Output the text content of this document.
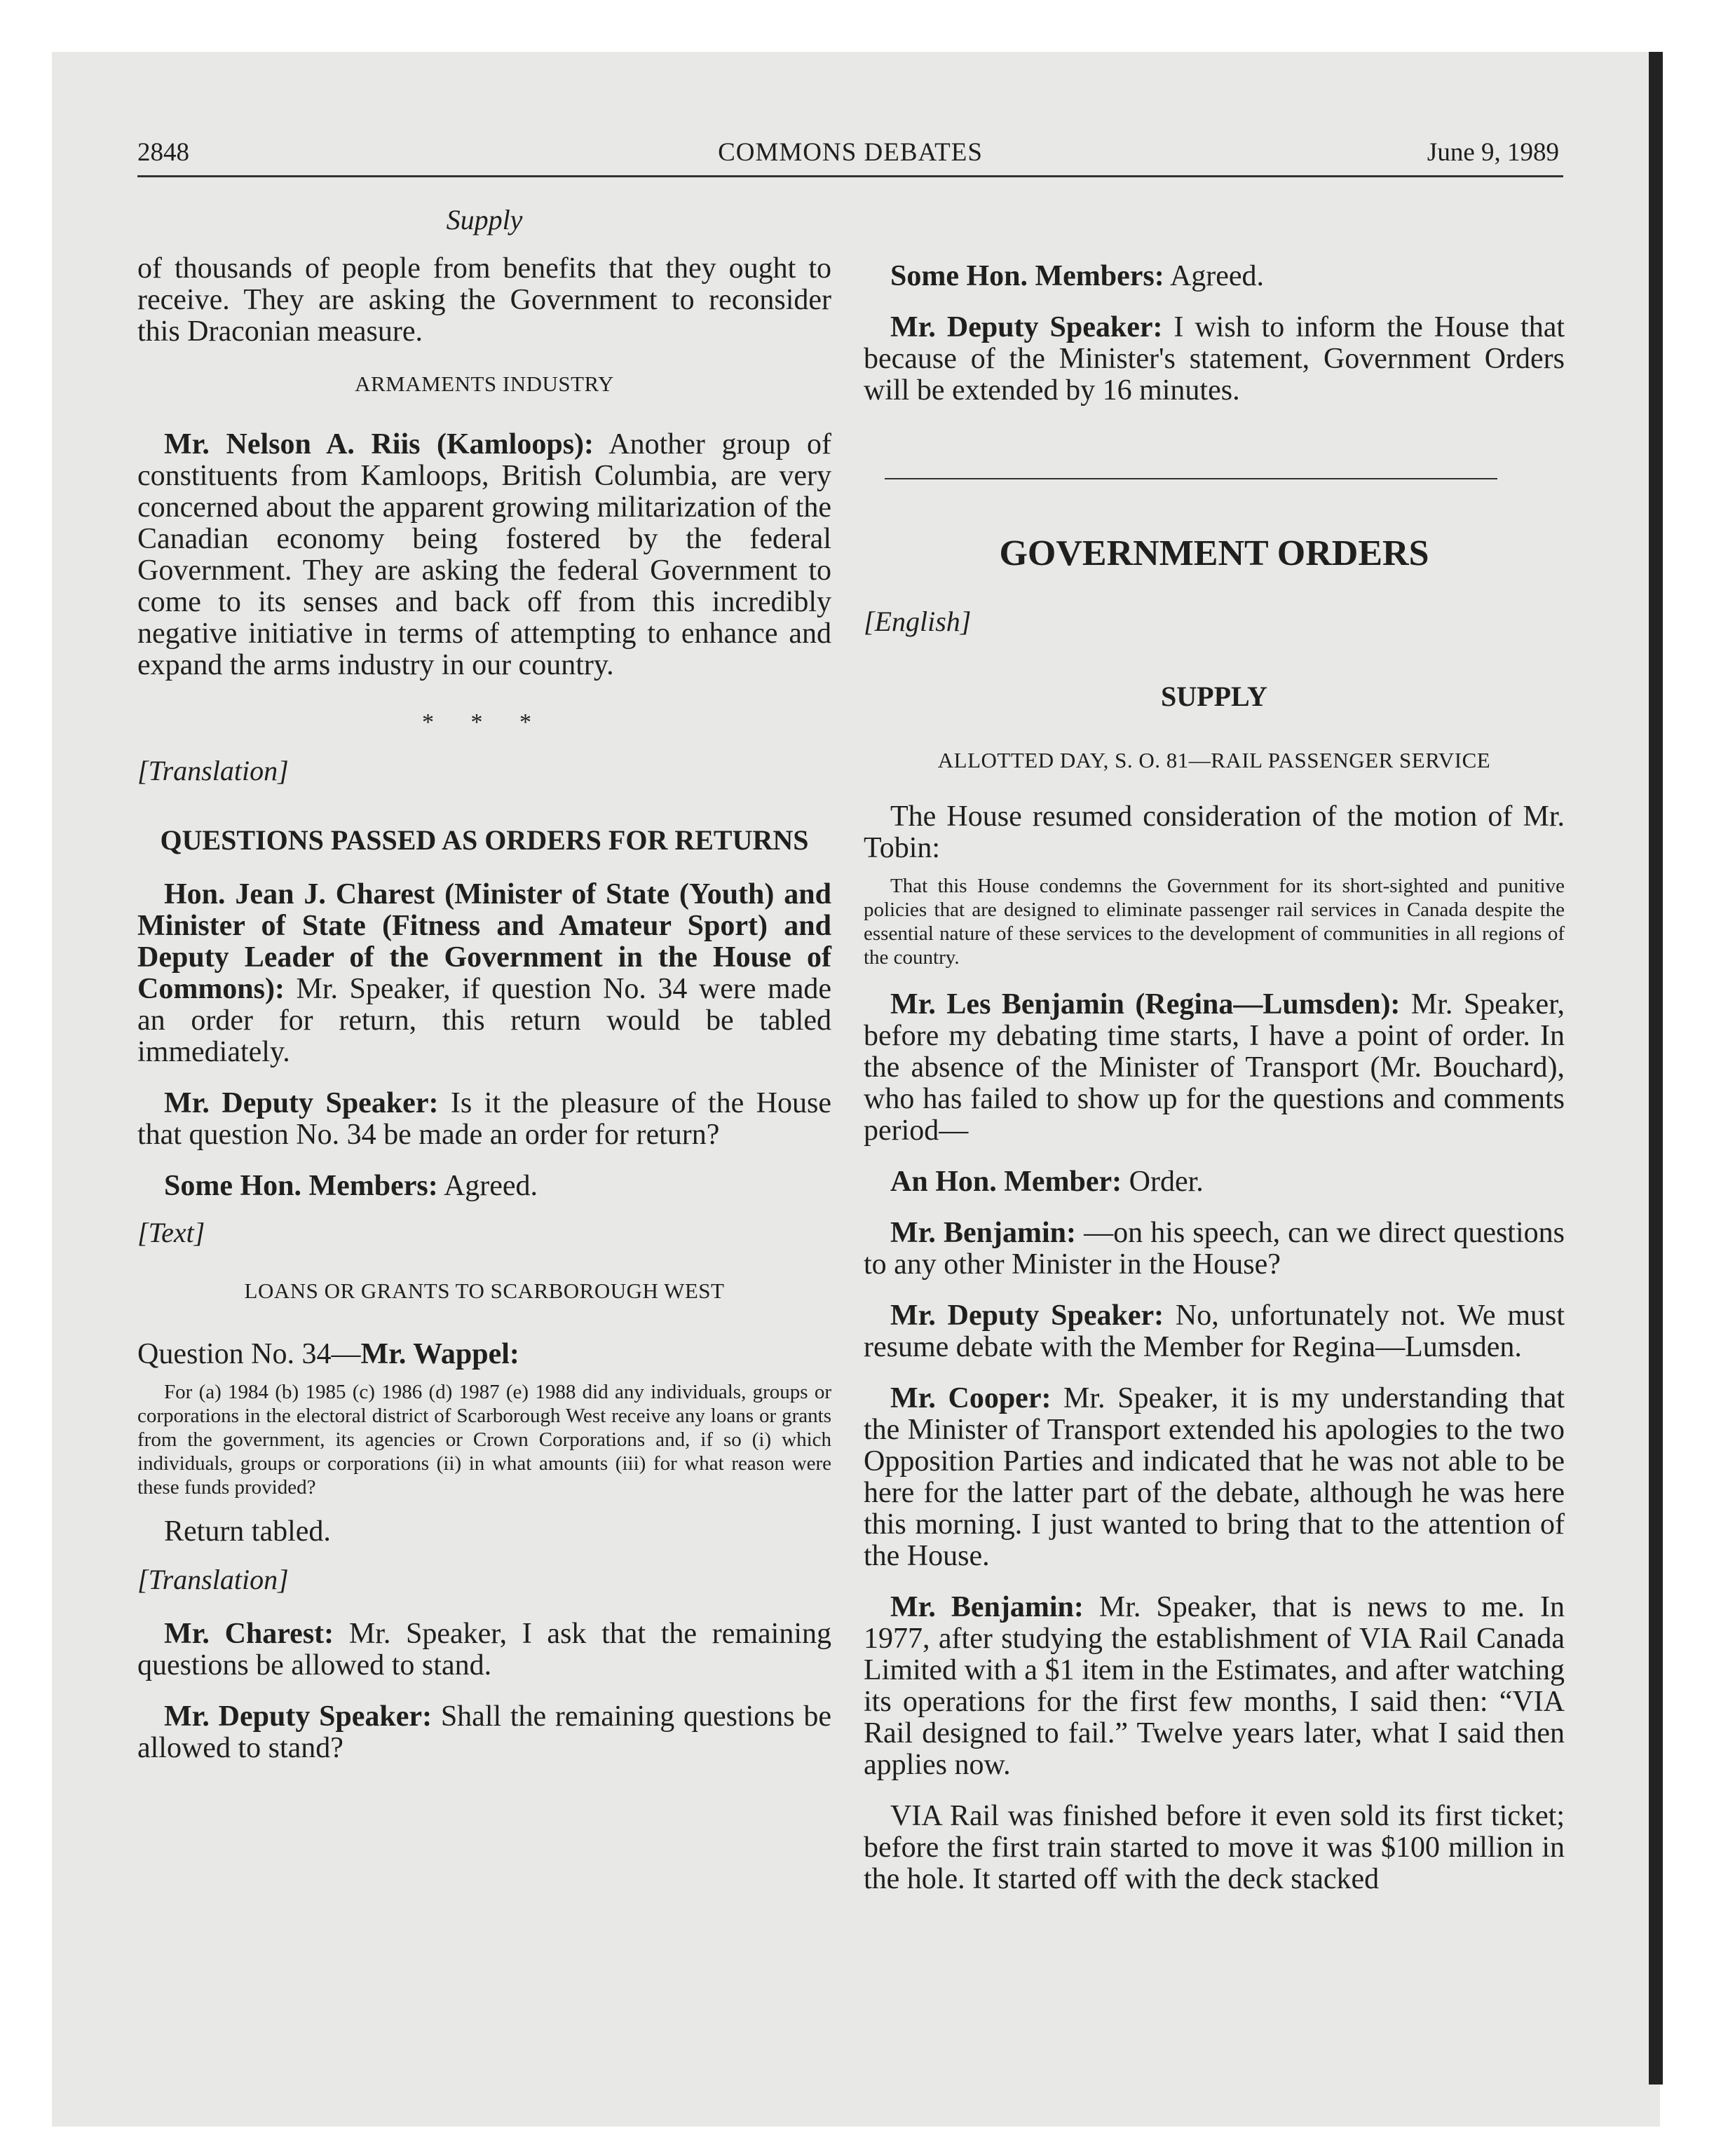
2848	COMMONS DEBATES	June 9, 1989
Supply

of thousands of people from benefits that they ought to receive. They are asking the Government to reconsider this Draconian measure.

ARMAMENTS INDUSTRY

Mr. Nelson A. Riis (Kamloops): Another group of constituents from Kamloops, British Columbia, are very concerned about the apparent growing militarization of the Canadian economy being fostered by the federal Government. They are asking the federal Government to come to its senses and back off from this incredibly negative initiative in terms of attempting to enhance and expand the arms industry in our country.

* * *
[Translation]
QUESTIONS PASSED AS ORDERS FOR RETURNS

Hon. Jean J. Charest (Minister of State (Youth) and Minister of State (Fitness and Amateur Sport) and Deputy Leader of the Government in the House of Commons): Mr. Speaker, if question No. 34 were made an order for return, this return would be tabled immediately.

Mr. Deputy Speaker: Is it the pleasure of the House that question No. 34 be made an order for return?

Some Hon. Members: Agreed.

[Text]
LOANS OR GRANTS TO SCARBOROUGH WEST

Question No. 34—Mr. Wappel:

For (a) 1984 (b) 1985 (c) 1986 (d) 1987 (e) 1988 did any individuals, groups or corporations in the electoral district of Scarborough West receive any loans or grants from the government, its agencies or Crown Corporations and, if so (i) which individuals, groups or corporations (ii) in what amounts (iii) for what reason were these funds provided?

Return tabled.

[Translation]

Mr. Charest: Mr. Speaker, I ask that the remaining questions be allowed to stand.

Mr. Deputy Speaker: Shall the remaining questions be allowed to stand?

Some Hon. Members: Agreed.

Mr. Deputy Speaker: I wish to inform the House that because of the Minister's statement, Government Orders will be extended by 16 minutes.

GOVERNMENT ORDERS
[English]
SUPPLY
ALLOTTED DAY, S. O. 81—RAIL PASSENGER SERVICE

The House resumed consideration of the motion of Mr. Tobin:

That this House condemns the Government for its short-sighted and punitive policies that are designed to eliminate passenger rail services in Canada despite the essential nature of these services to the development of communities in all regions of the country.

Mr. Les Benjamin (Regina—Lumsden): Mr. Speaker, before my debating time starts, I have a point of order. In the absence of the Minister of Transport (Mr. Bouchard), who has failed to show up for the questions and comments period—

An Hon. Member: Order.

Mr. Benjamin: —on his speech, can we direct questions to any other Minister in the House?

Mr. Deputy Speaker: No, unfortunately not. We must resume debate with the Member for Regina—Lumsden.

Mr. Cooper: Mr. Speaker, it is my understanding that the Minister of Transport extended his apologies to the two Opposition Parties and indicated that he was not able to be here for the latter part of the debate, although he was here this morning. I just wanted to bring that to the attention of the House.

Mr. Benjamin: Mr. Speaker, that is news to me. In 1977, after studying the establishment of VIA Rail Canada Limited with a $1 item in the Estimates, and after watching its operations for the first few months, I said then: “VIA Rail designed to fail.” Twelve years later, what I said then applies now.

VIA Rail was finished before it even sold its first ticket; before the first train started to move it was $100 million in the hole. It started off with the deck stacked
